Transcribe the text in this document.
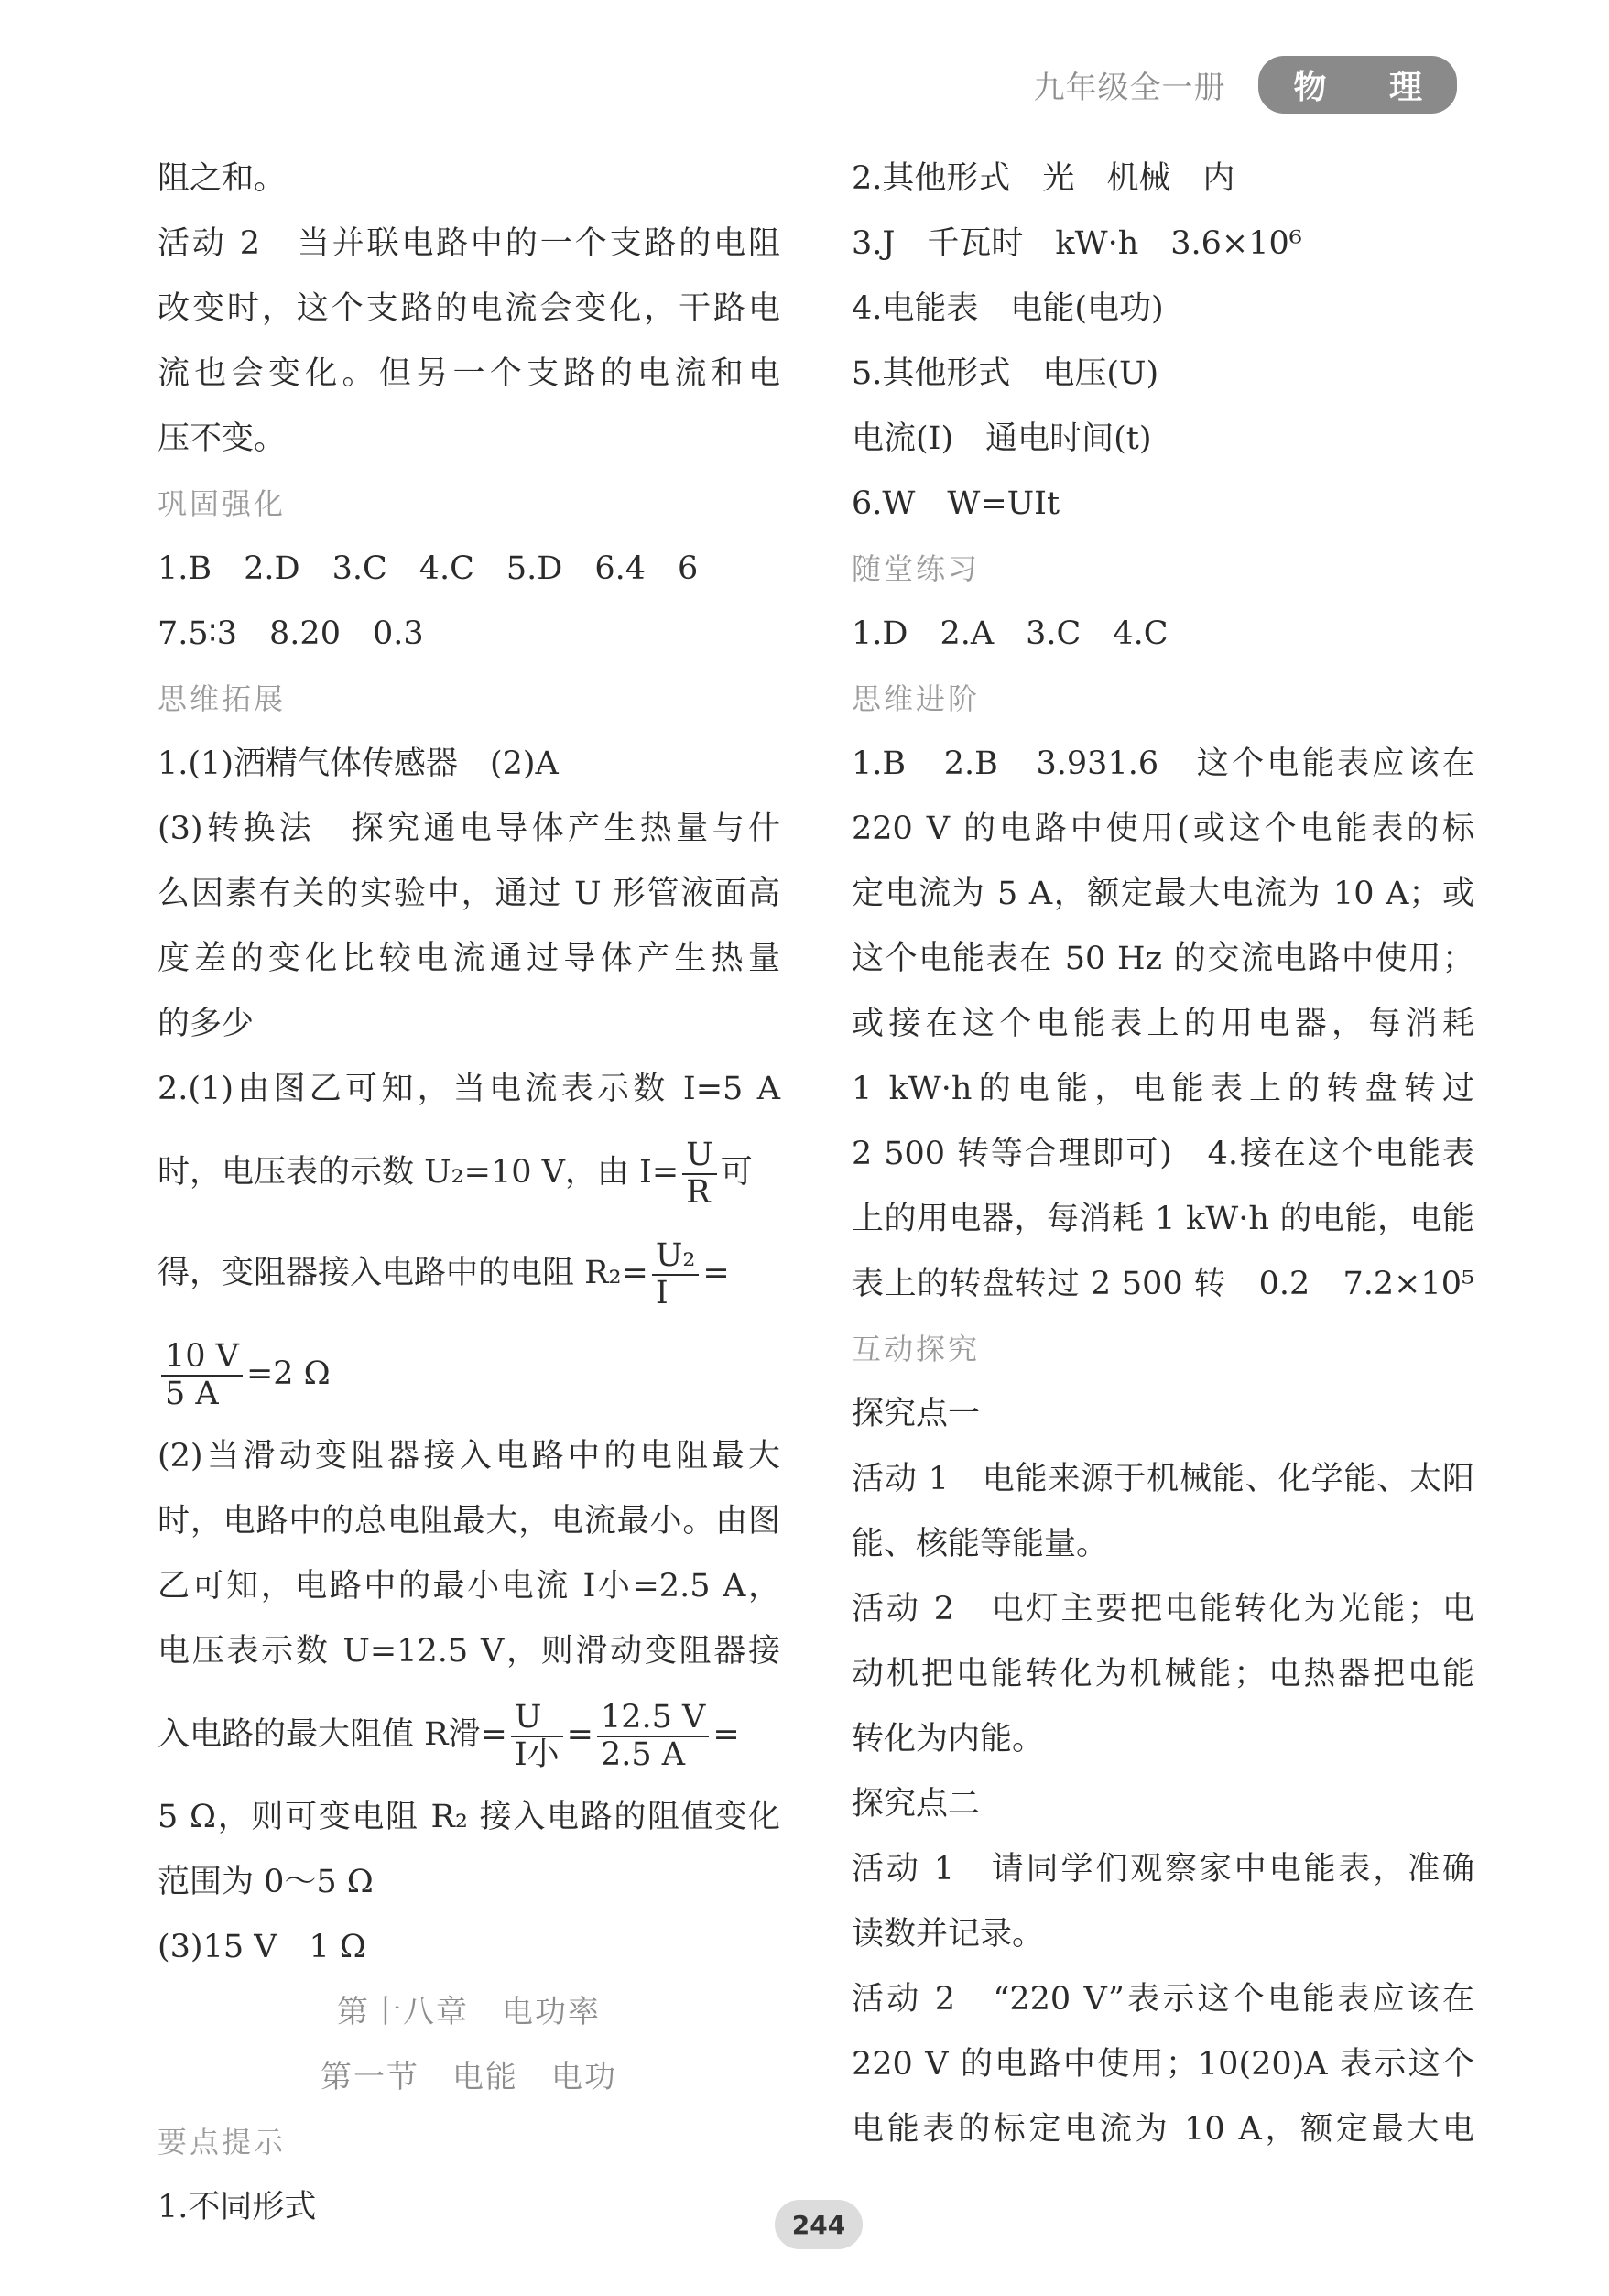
九年级全一册	物 理
阻之和。
活动 2　当并联电路中的一个支路的电阻
改变时，这个支路的电流会变化，干路电
流也会变化。但另一个支路的电流和电
压不变。
巩固强化
1.B　2.D　3.C　4.C　5.D　6.4　6
7.5∶3　8.20　0.3
思维拓展
1.(1)酒精气体传感器　(2)A
(3)转换法　探究通电导体产生热量与什
么因素有关的实验中，通过 U 形管液面高
度差的变化比较电流通过导体产生热量
的多少
2.(1)由图乙可知，当电流表示数 I=5 A
时，电压表的示数 U₂=10 V，由 $I= \frac{U}{R}$ 可
得，变阻器接入电路中的电阻 $R_2= \frac{\text{U₂}}{I}$ =
$\frac{10 V}{5 A} =2$ Ω
(2)当滑动变阻器接入电路中的电阻最大
时，电路中的总电阻最大，电流最小。由图
乙可知，电路中的最小电流 I小=2.5 A，
电压表示数 U=12.5 V，则滑动变阻器接
入电路的最大阻值 R滑= $\frac{U}{\text{I小}} = \frac{12.5 V}{2.5 A}$ =
5 Ω，则可变电阻 R₂ 接入电路的阻值变化
范围为 0～5 Ω
(3)15 V　1 Ω
第十八章　电功率
第一节　电能　电功
要点提示
1.不同形式
2.其他形式　光　机械　内
3.J　千瓦时　kW·h　3.6×10⁶
4.电能表　电能(电功)
5.其他形式　电压(U)
电流(I)　通电时间(t)
6.W　W=UIt
随堂练习
1.D　2.A　3.C　4.C
思维进阶
1.B　2.B　3.931.6　这个电能表应该在
220 V 的电路中使用(或这个电能表的标
定电流为 5 A，额定最大电流为 10 A；或
这个电能表在 50 Hz 的交流电路中使用；
或接在这个电能表上的用电器，每消耗
1 kW·h的电能，电能表上的转盘转过
2 500 转等合理即可)　4.接在这个电能表
上的用电器，每消耗 1 kW·h 的电能，电能
表上的转盘转过 2 500 转　0.2　7.2×10⁵
互动探究
探究点一
活动 1　电能来源于机械能、化学能、太阳
能、核能等能量。
活动 2　电灯主要把电能转化为光能；电
动机把电能转化为机械能；电热器把电能
转化为内能。
探究点二
活动 1　请同学们观察家中电能表，准确
读数并记录。
活动 2　“220 V”表示这个电能表应该在
220 V 的电路中使用；10(20)A 表示这个
电能表的标定电流为 10 A，额定最大电
244
